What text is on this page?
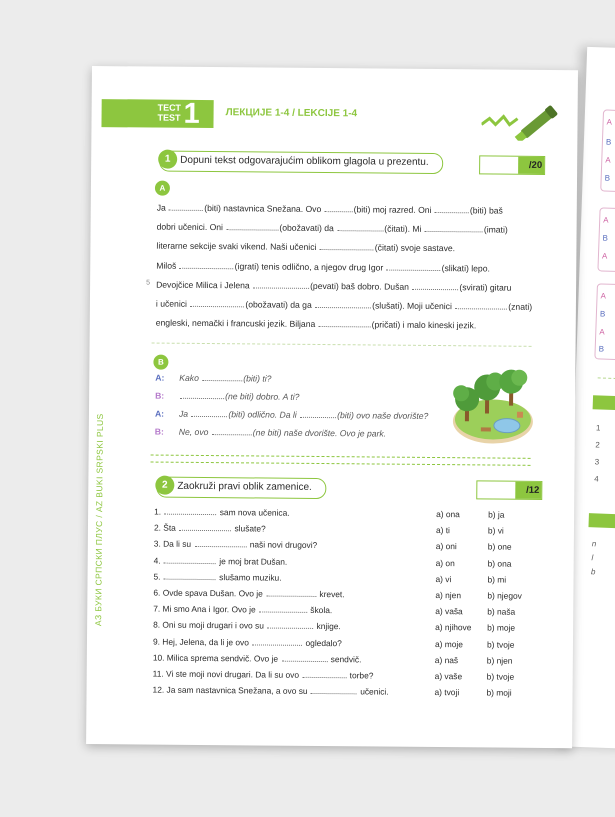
A
B
A
B
A
B
A
A
B
A
B
1
2
3
4
n
l
b
AЗ БУКИ СРПСКИ ПЛУС / AZ BUKI SRPSKI PLUS
ТЕСТ
TEST 1	ЛЕКЦИЈЕ 1-4 / LEKCIJE 1-4
1 Dopuni tekst odgovarajućim oblikom glagola u prezentu.	/20
A
Ja	(biti) nastavnica Snežana. Ovo	(biti) moj razred. Oni	(biti) baš
dobri učenici. Oni	(obožavati) da	(čitati). Mi	(imati)
literarne sekcije svaki vikend. Naši učenici	(čitati) svoje sastave.
Miloš	(igrati) tenis odlično, a njegov drug Igor	(slikati) lepo.
Devojčice Milica i Jelena	(pevati) baš dobro. Dušan	(svirati) gitaru
i učenici	(obožavati) da ga	(slušati). Moji učenici	(znati)
engleski, nemački i francuski jezik. Biljana	(pričati) i malo kineski jezik.
5
B
A: Kako	(biti) ti?
B:	(ne biti) dobro. A ti?
A: Ja	(biti) odlično. Da li	(biti) ovo naše dvorište?
B: Ne, ovo	(ne biti) naše dvorište. Ovo je park.
2 Zaokruži pravi oblik zamenice.	/12
1.	sam nova učenica.	a) ona	b) ja
2. Šta	slušate?	a) ti	b) vi
3. Da li su	naši novi drugovi?	a) oni	b) one
4.	je moj brat Dušan.	a) on	b) ona
5.	slušamo muziku.	a) vi	b) mi
6. Ovde spava Dušan. Ovo je	krevet.	a) njen	b) njegov
7. Mi smo Ana i Igor. Ovo je	škola.	a) vaša	b) naša
8. Oni su moji drugari i ovo su	knjige.	a) njihove b) moje
9. Hej, Jelena, da li je ovo	ogledalo?	a) moje	b) tvoje
10. Milica sprema sendvič. Ovo je	sendvič.	a) naš	b) njen
11. Vi ste moji novi drugari. Da li su ovo	torbe?	a) vaše	b) tvoje
12. Ja sam nastavnica Snežana, a ovo su	učenici.	a) tvoji	b) moji
